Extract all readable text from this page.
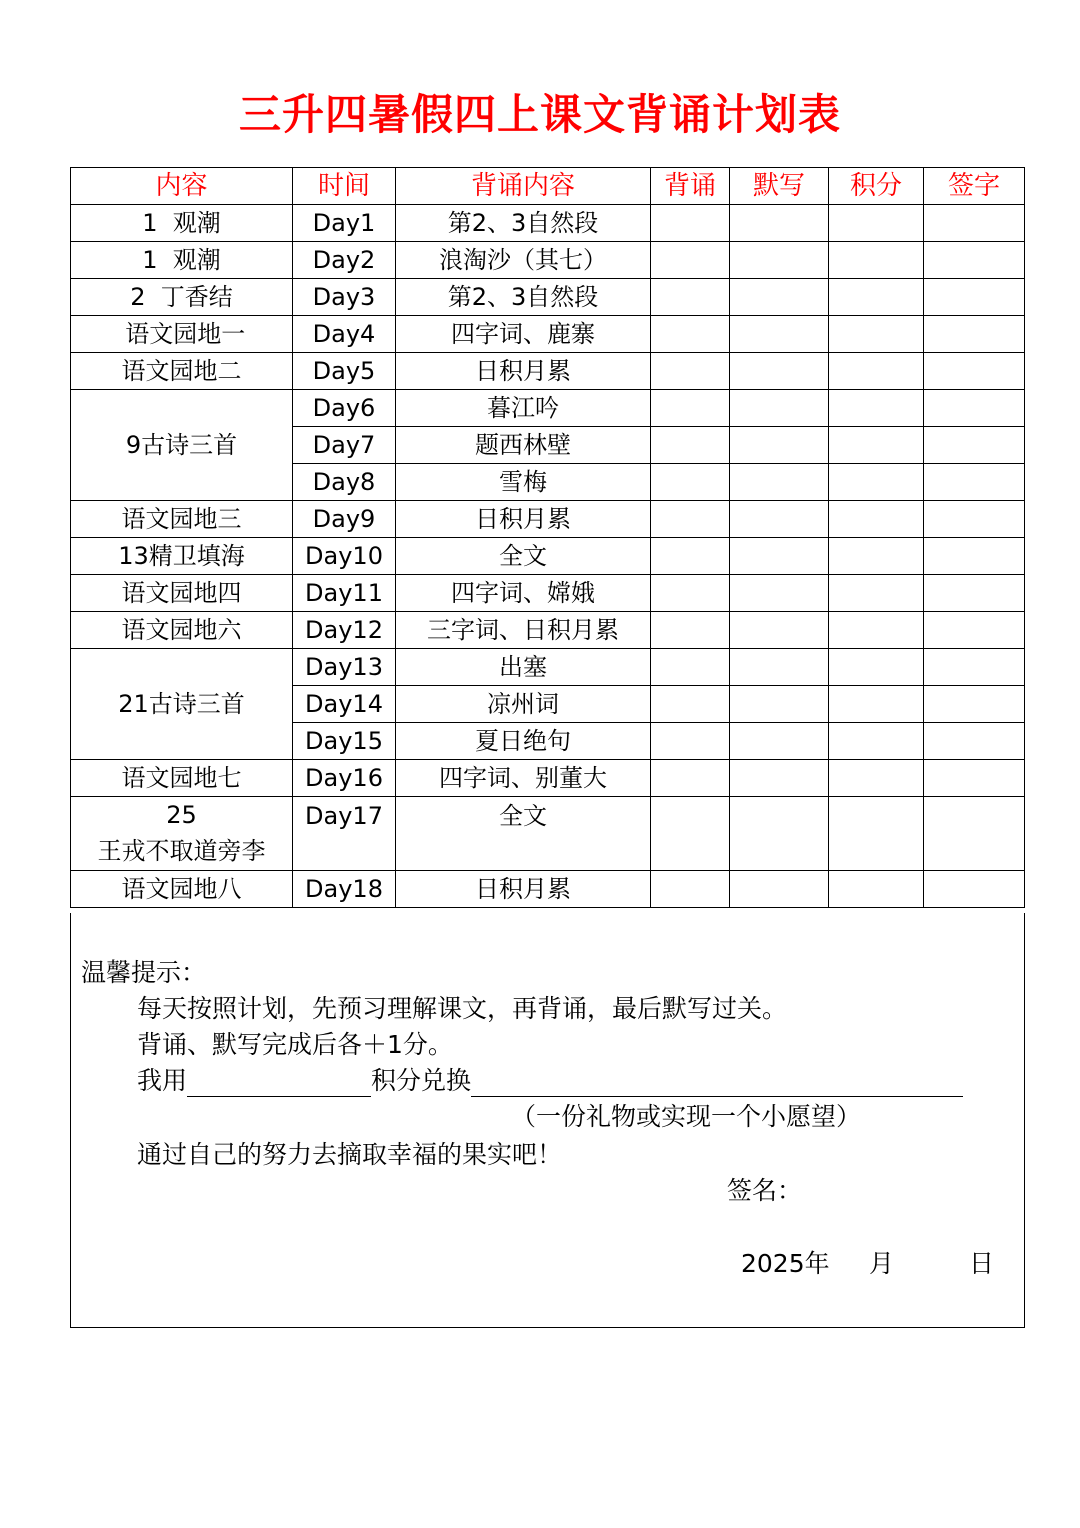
三升四暑假四上课文背诵计划表
内容	时间	背诵内容	背诵	默写	积分	签字
1  观潮	Day1	第2、3自然段				
1  观潮	Day2	浪淘沙（其七）				
2  丁香结	Day3	第2、3自然段				
语文园地一	Day4	四字词、鹿寨				
语文园地二	Day5	日积月累				
9古诗三首	Day6	暮江吟				
	Day7	题西林壁				
	Day8	雪梅				
语文园地三	Day9	日积月累				
13精卫填海	Day10	全文				
语文园地四	Day11	四字词、嫦娥				
语文园地六	Day12	三字词、日积月累				
21古诗三首	Day13	出塞				
	Day14	凉州词				
	Day15	夏日绝句				
语文园地七	Day16	四字词、别董大				
25
王戎不取道旁李	Day17	全文				
语文园地八	Day18	日积月累				
温馨提示：
每天按照计划，先预习理解课文，再背诵，最后默写过关。
背诵、默写完成后各＋1分。
我用	积分兑换
（一份礼物或实现一个小愿望）
通过自己的努力去摘取幸福的果实吧！
签名：
2025年 月	日
